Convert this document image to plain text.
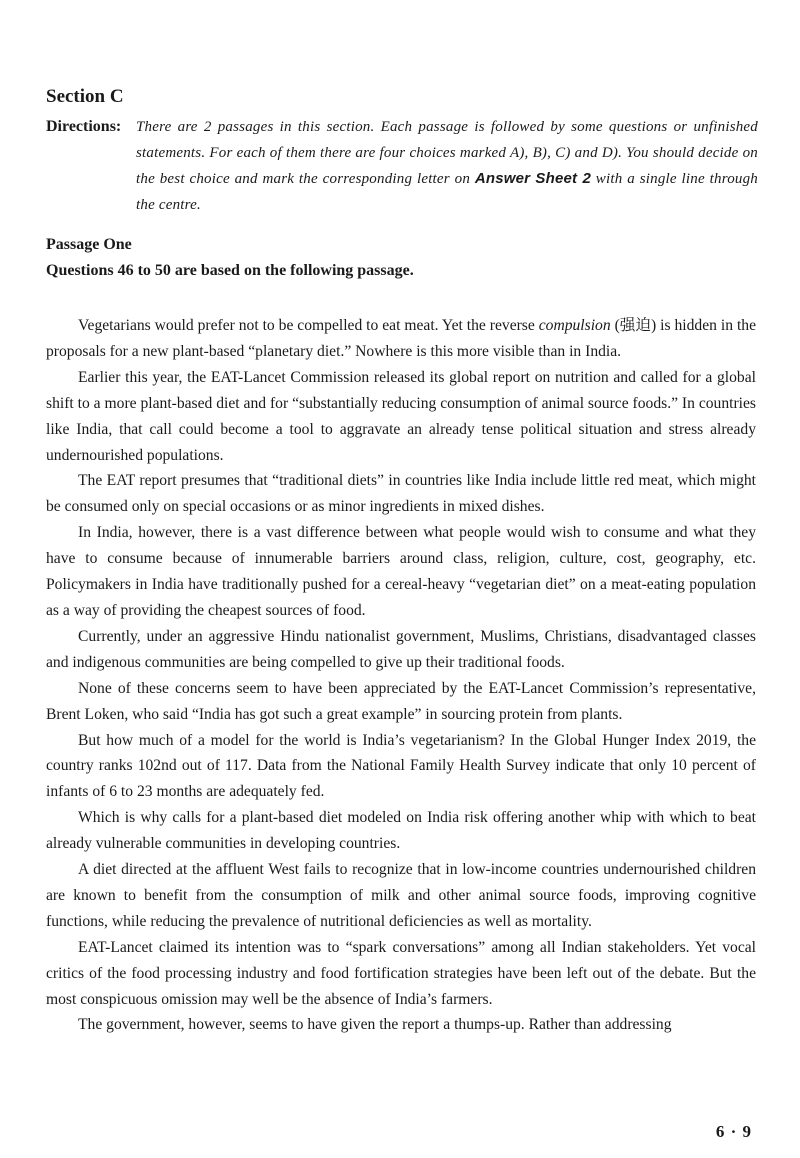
Section C
Directions: There are 2 passages in this section. Each passage is followed by some questions or unfinished statements. For each of them there are four choices marked A), B), C) and D). You should decide on the best choice and mark the corresponding letter on Answer Sheet 2 with a single line through the centre.
Passage One
Questions 46 to 50 are based on the following passage.

Vegetarians would prefer not to be compelled to eat meat. Yet the reverse compulsion (强迫) is hidden in the proposals for a new plant-based “planetary diet.” Nowhere is this more visible than in India.

Earlier this year, the EAT-Lancet Commission released its global report on nutrition and called for a global shift to a more plant-based diet and for “substantially reducing consumption of animal source foods.” In countries like India, that call could become a tool to aggravate an already tense political situation and stress already undernourished populations.

The EAT report presumes that “traditional diets” in countries like India include little red meat, which might be consumed only on special occasions or as minor ingredients in mixed dishes.

In India, however, there is a vast difference between what people would wish to consume and what they have to consume because of innumerable barriers around class, religion, culture, cost, geography, etc. Policymakers in India have traditionally pushed for a cereal-heavy “vegetarian diet” on a meat-eating population as a way of providing the cheapest sources of food.

Currently, under an aggressive Hindu nationalist government, Muslims, Christians, disadvantaged classes and indigenous communities are being compelled to give up their traditional foods.

None of these concerns seem to have been appreciated by the EAT-Lancet Commission’s representative, Brent Loken, who said “India has got such a great example” in sourcing protein from plants.

But how much of a model for the world is India’s vegetarianism? In the Global Hunger Index 2019, the country ranks 102nd out of 117. Data from the National Family Health Survey indicate that only 10 percent of infants of 6 to 23 months are adequately fed.

Which is why calls for a plant-based diet modeled on India risk offering another whip with which to beat already vulnerable communities in developing countries.

A diet directed at the affluent West fails to recognize that in low-income countries undernourished children are known to benefit from the consumption of milk and other animal source foods, improving cognitive functions, while reducing the prevalence of nutritional deficiencies as well as mortality.

EAT-Lancet claimed its intention was to “spark conversations” among all Indian stakeholders. Yet vocal critics of the food processing industry and food fortification strategies have been left out of the debate. But the most conspicuous omission may well be the absence of India’s farmers.

The government, however, seems to have given the report a thumps-up. Rather than addressing

6 · 9
